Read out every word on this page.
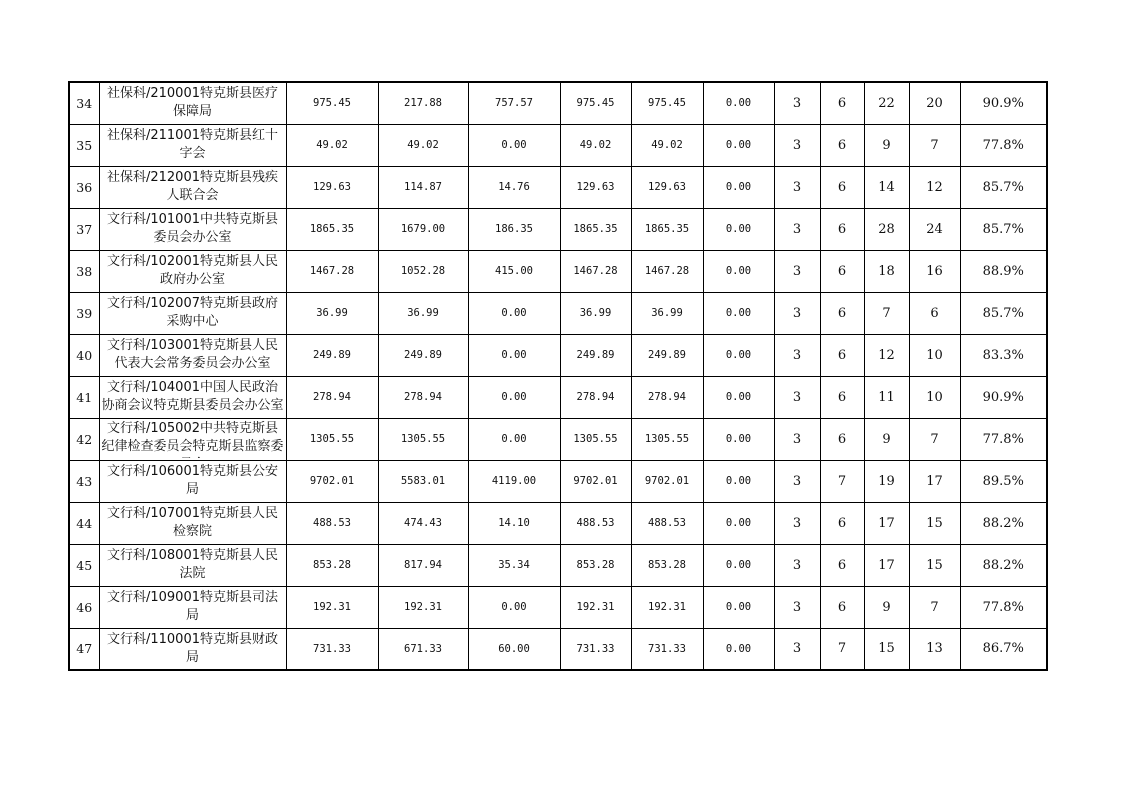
34	社保科/210001特克斯县医疗保障局	975.45	217.88	757.57	975.45	975.45	0.00	3	6	22	20	90.9%
35	社保科/211001特克斯县红十字会	49.02	49.02	0.00	49.02	49.02	0.00	3	6	9	7	77.8%
36	社保科/212001特克斯县残疾人联合会	129.63	114.87	14.76	129.63	129.63	0.00	3	6	14	12	85.7%
37	文行科/101001中共特克斯县委员会办公室	1865.35	1679.00	186.35	1865.35	1865.35	0.00	3	6	28	24	85.7%
38	文行科/102001特克斯县人民政府办公室	1467.28	1052.28	415.00	1467.28	1467.28	0.00	3	6	18	16	88.9%
39	文行科/102007特克斯县政府采购中心	36.99	36.99	0.00	36.99	36.99	0.00	3	6	7	6	85.7%
40	文行科/103001特克斯县人民代表大会常务委员会办公室	249.89	249.89	0.00	249.89	249.89	0.00	3	6	12	10	83.3%
41	文行科/104001中国人民政治协商会议特克斯县委员会办公室	278.94	278.94	0.00	278.94	278.94	0.00	3	6	11	10	90.9%
42	文行科/105002中共特克斯县纪律检查委员会特克斯县监察委	1305.55	1305.55	0.00	1305.55	1305.55	0.00	3	6	9	7	77.8%
43	文行科/106001特克斯县公安局	9702.01	5583.01	4119.00	9702.01	9702.01	0.00	3	7	19	17	89.5%
44	文行科/107001特克斯县人民检察院	488.53	474.43	14.10	488.53	488.53	0.00	3	6	17	15	88.2%
45	文行科/108001特克斯县人民法院	853.28	817.94	35.34	853.28	853.28	0.00	3	6	17	15	88.2%
46	文行科/109001特克斯县司法局	192.31	192.31	0.00	192.31	192.31	0.00	3	6	9	7	77.8%
47	文行科/110001特克斯县财政局	731.33	671.33	60.00	731.33	731.33	0.00	3	7	15	13	86.7%
